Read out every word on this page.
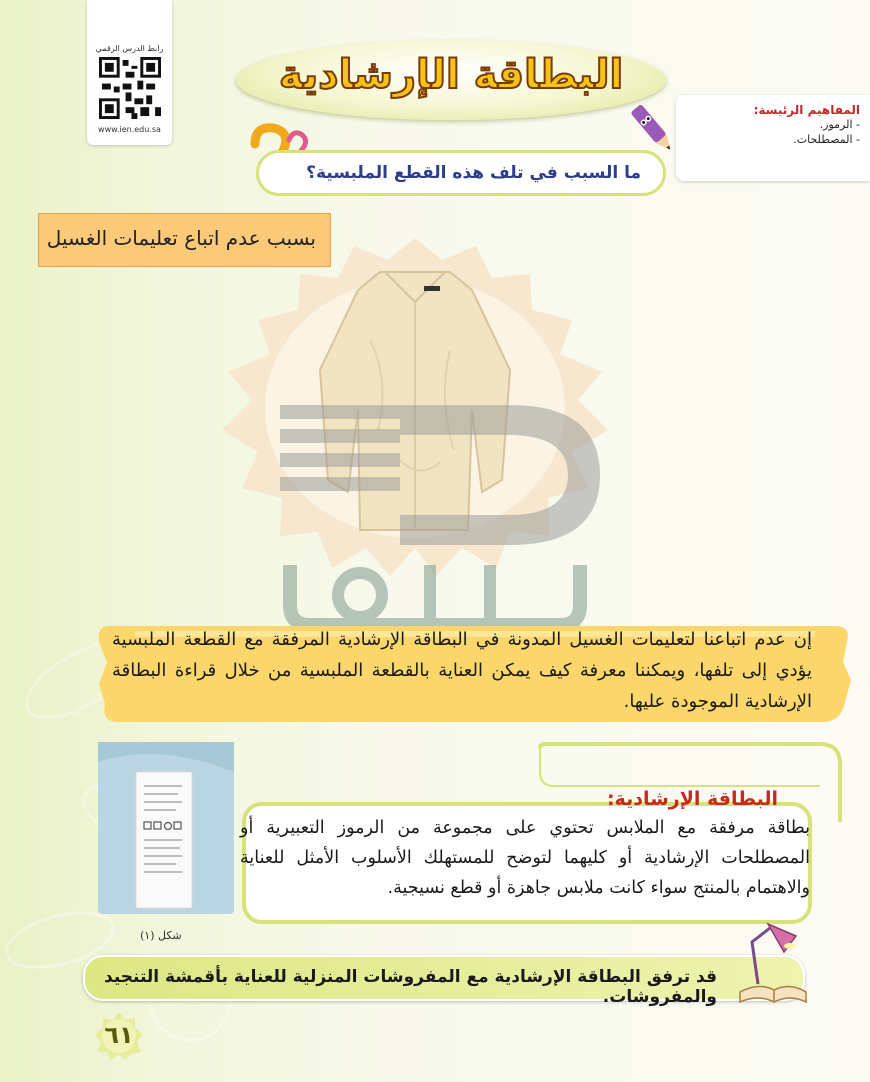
رابط الدرس الرقمي
www.ien.edu.sa
البطاقة الإرشادية
المفاهيم الرئيسة:
- الرموز.
- المصطلحات.
ما السبب في تلف هذه القطع الملبسية؟
بسبب عدم اتباع تعليمات الغسيل
إن عدم اتباعنا لتعليمات الغسيل المدونة في البطاقة الإرشادية المرفقة مع القطعة الملبسية يؤدي إلى تلفها، ويمكننا معرفة كيف يمكن العناية بالقطعة الملبسية من خلال قراءة البطاقة الإرشادية الموجودة عليها.
شكل (١)
البطاقة الإرشادية:
بطاقة مرفقة مع الملابس تحتوي على مجموعة من الرموز التعبيرية أو المصطلحات الإرشادية أو كليهما لتوضح للمستهلك الأسلوب الأمثل للعناية والاهتمام بالمنتج سواء كانت ملابس جاهزة أو قطع نسيجية.
قد ترفق البطاقة الإرشادية مع المفروشات المنزلية للعناية بأقمشة التنجيد والمفروشات.
٦١
